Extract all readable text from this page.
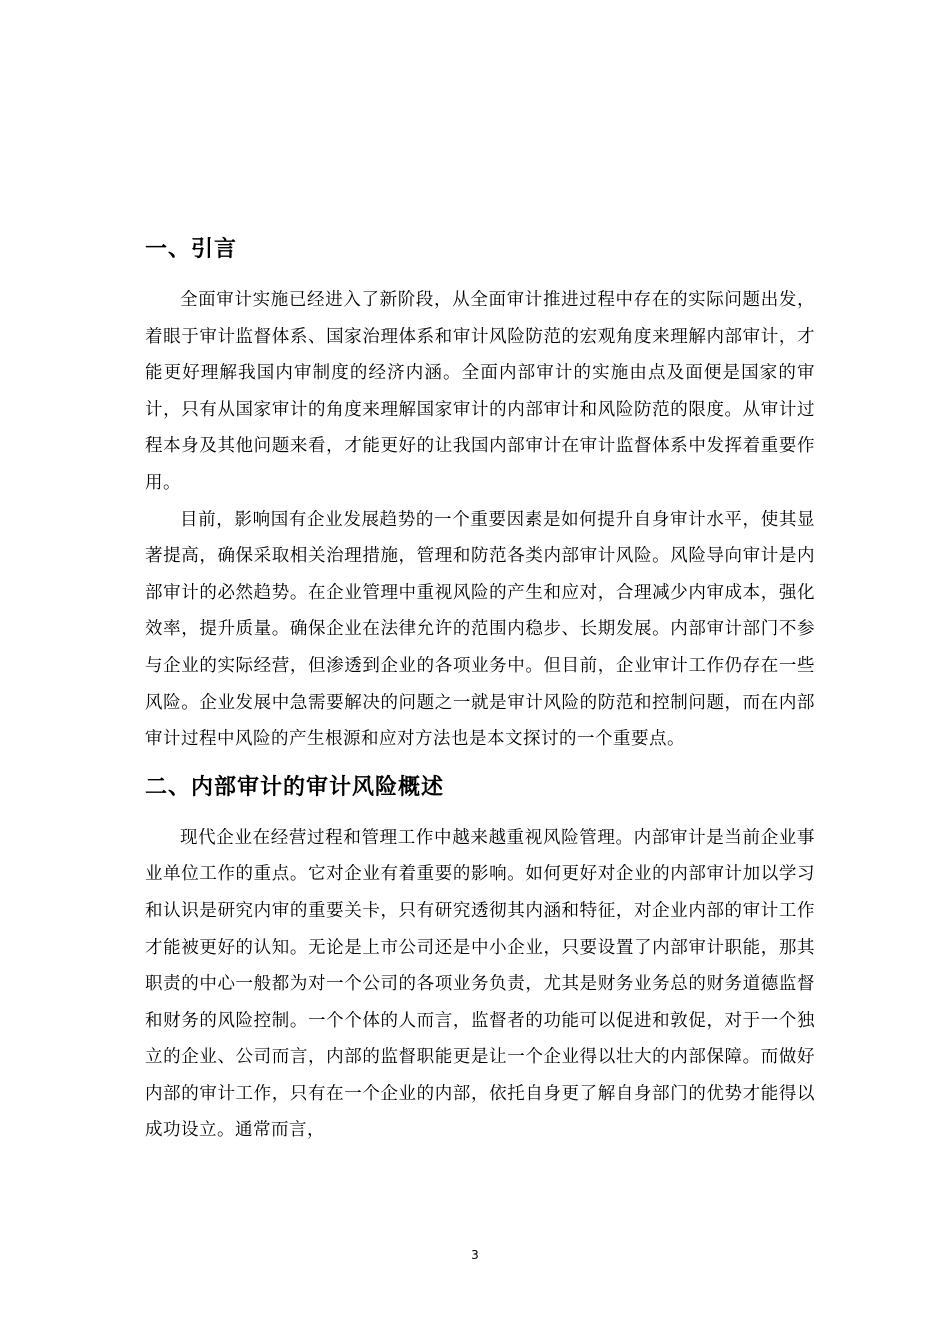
一、引言

全面审计实施已经进入了新阶段，从全面审计推进过程中存在的实际问题出发，着眼于审计监督体系、国家治理体系和审计风险防范的宏观角度来理解内部审计，才能更好理解我国内审制度的经济内涵。全面内部审计的实施由点及面便是国家的审计，只有从国家审计的角度来理解国家审计的内部审计和风险防范的限度。从审计过程本身及其他问题来看，才能更好的让我国内部审计在审计监督体系中发挥着重要作用。

目前，影响国有企业发展趋势的一个重要因素是如何提升自身审计水平，使其显著提高，确保采取相关治理措施，管理和防范各类内部审计风险。风险导向审计是内部审计的必然趋势。在企业管理中重视风险的产生和应对，合理减少内审成本，强化效率，提升质量。确保企业在法律允许的范围内稳步、长期发展。内部审计部门不参与企业的实际经营，但渗透到企业的各项业务中。但目前，企业审计工作仍存在一些风险。企业发展中急需要解决的问题之一就是审计风险的防范和控制问题，而在内部审计过程中风险的产生根源和应对方法也是本文探讨的一个重要点。

二、内部审计的审计风险概述

现代企业在经营过程和管理工作中越来越重视风险管理。内部审计是当前企业事业单位工作的重点。它对企业有着重要的影响。如何更好对企业的内部审计加以学习和认识是研究内审的重要关卡，只有研究透彻其内涵和特征，对企业内部的审计工作才能被更好的认知。无论是上市公司还是中小企业，只要设置了内部审计职能，那其职责的中心一般都为对一个公司的各项业务负责，尤其是财务业务总的财务道德监督和财务的风险控制。一个个体的人而言，监督者的功能可以促进和敦促，对于一个独立的企业、公司而言，内部的监督职能更是让一个企业得以壮大的内部保障。而做好内部的审计工作，只有在一个企业的内部，依托自身更了解自身部门的优势才能得以成功设立。通常而言，

3
